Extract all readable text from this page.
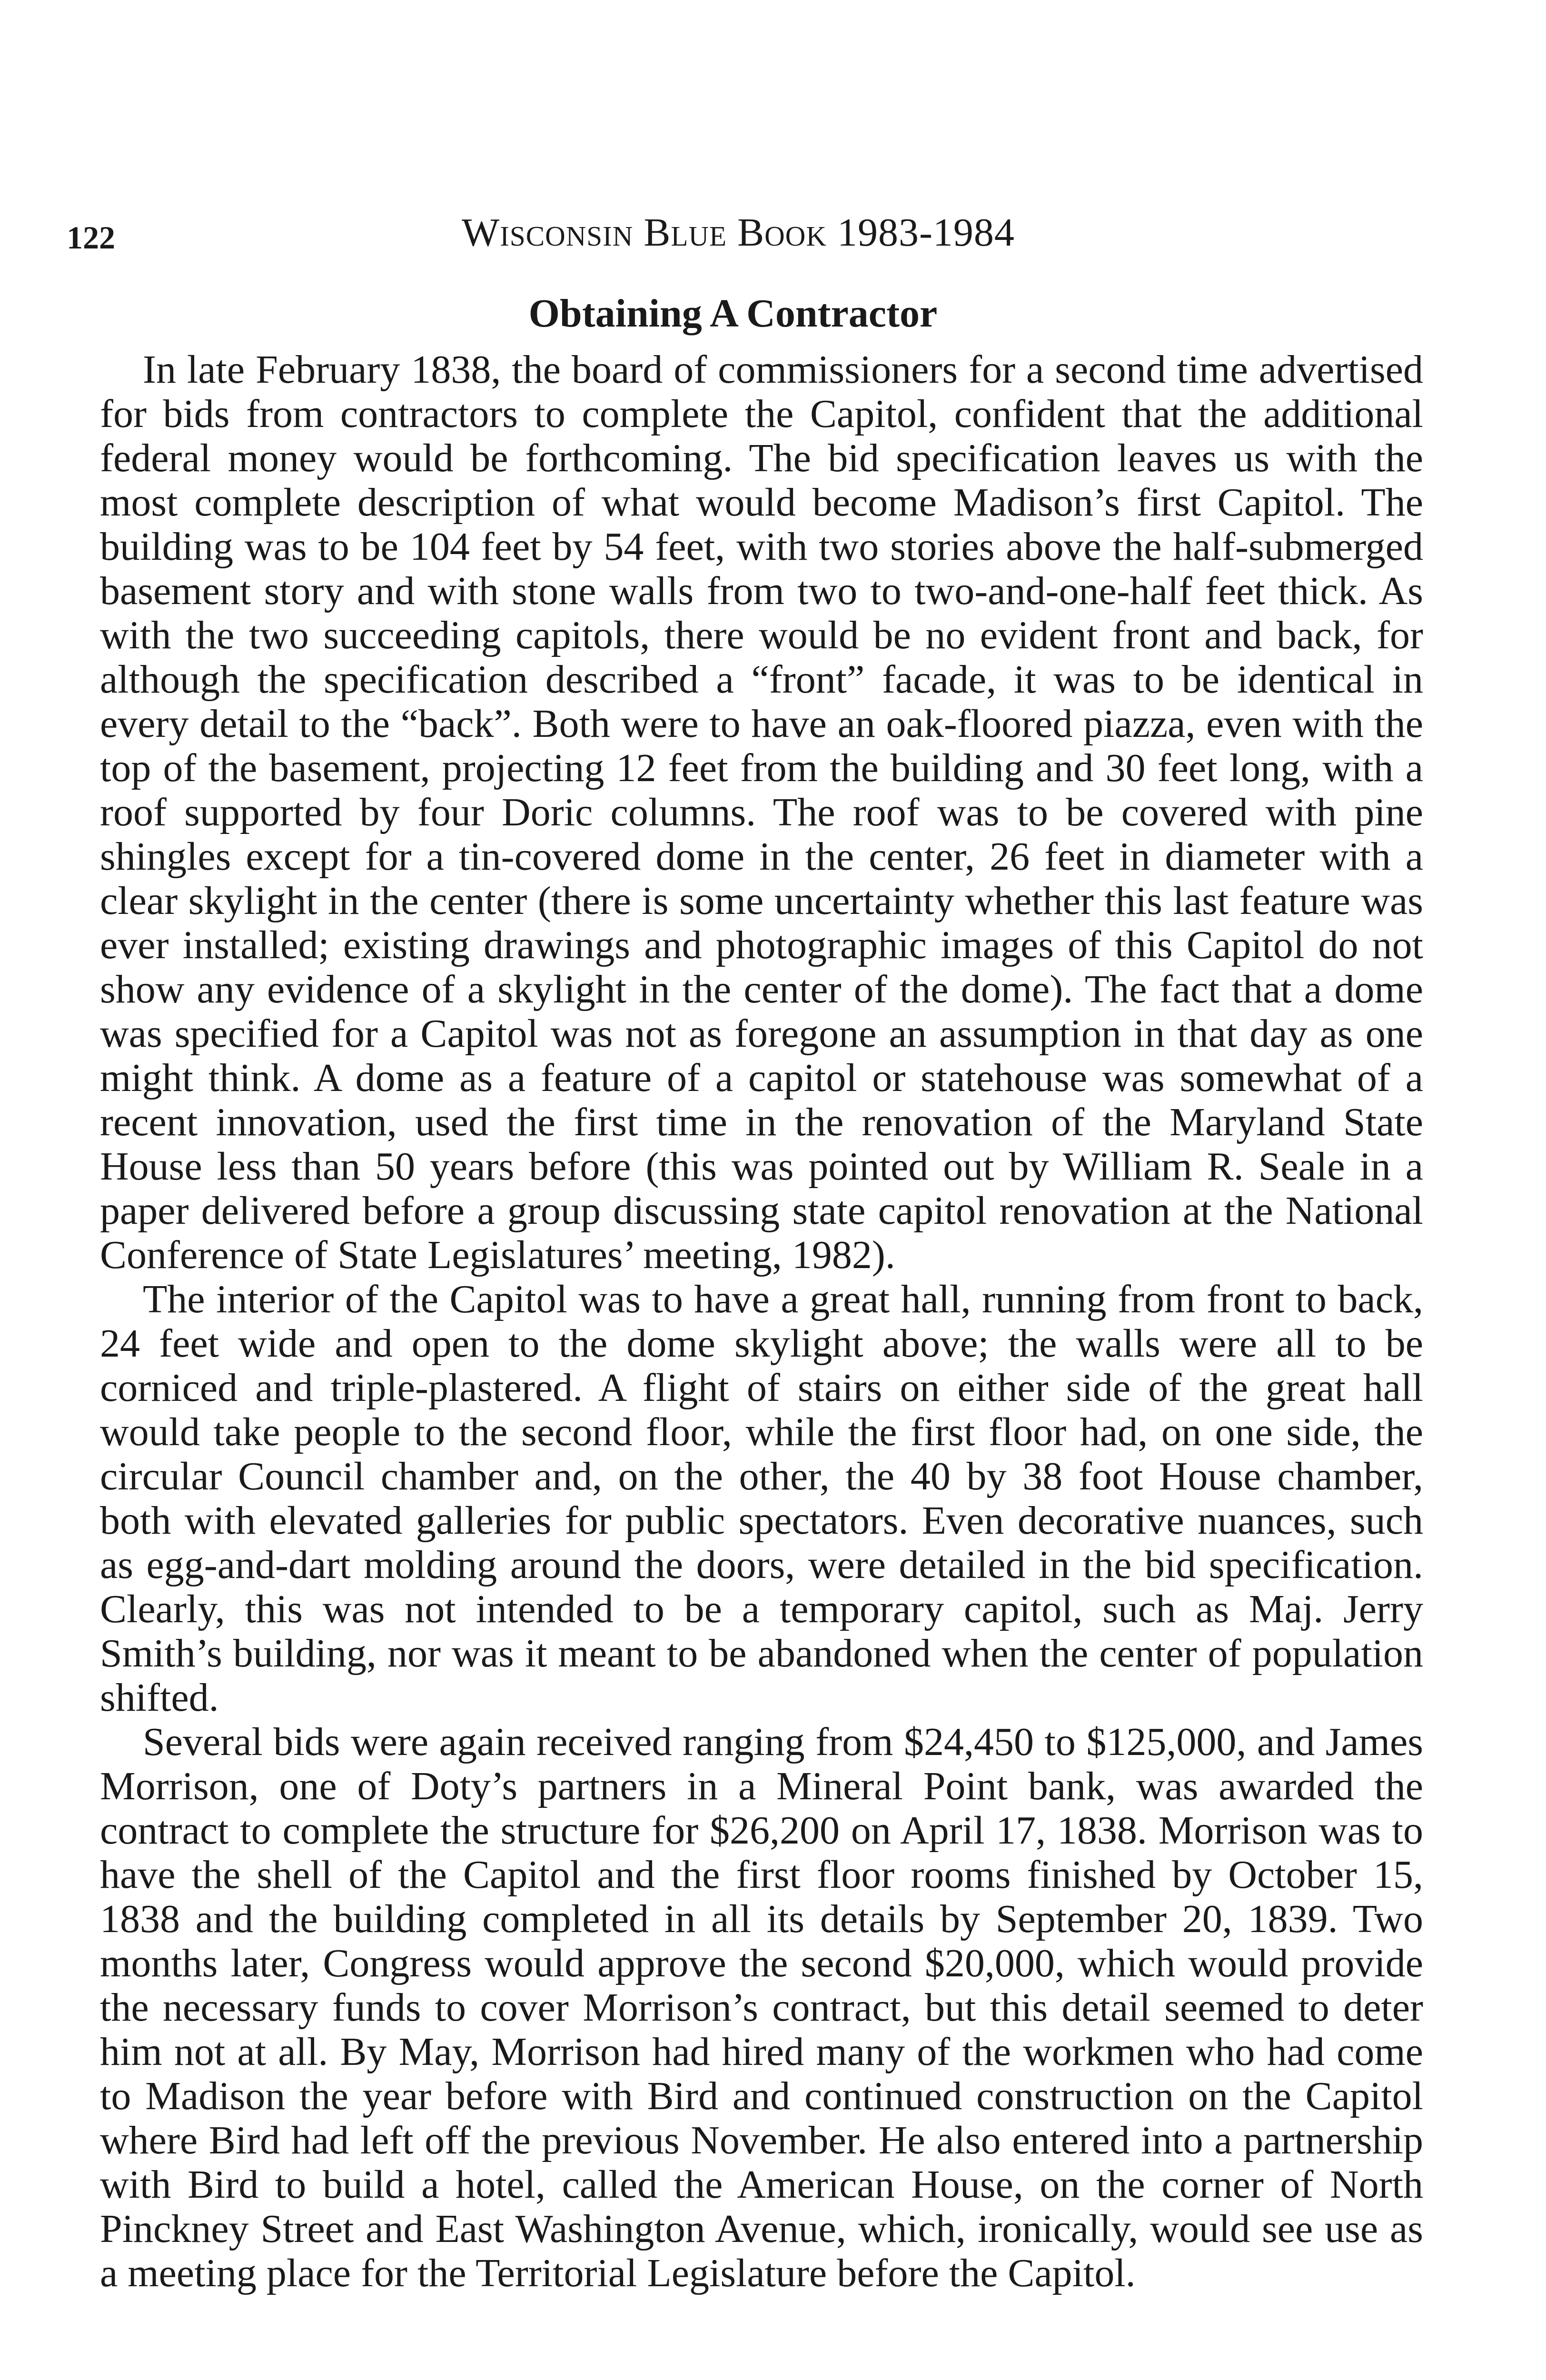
122	Wisconsin Blue Book 1983-1984
Obtaining A Contractor

In late February 1838, the board of commissioners for a second time advertised for bids from contractors to complete the Capitol, confident that the additional federal money would be forthcoming. The bid specification leaves us with the most complete description of what would become Madison’s first Capitol. The building was to be 104 feet by 54 feet, with two stories above the half-submerged basement story and with stone walls from two to two-and-one-half feet thick. As with the two succeeding capitols, there would be no evident front and back, for although the specification described a “front” facade, it was to be identical in every detail to the “back”. Both were to have an oak-floored piazza, even with the top of the basement, projecting 12 feet from the building and 30 feet long, with a roof supported by four Doric columns. The roof was to be covered with pine shingles except for a tin-covered dome in the center, 26 feet in diameter with a clear skylight in the center (there is some uncertainty whether this last feature was ever installed; existing drawings and photographic images of this Capitol do not show any evidence of a skylight in the center of the dome). The fact that a dome was specified for a Capitol was not as foregone an assumption in that day as one might think. A dome as a feature of a capitol or statehouse was somewhat of a recent innovation, used the first time in the renovation of the Maryland State House less than 50 years before (this was pointed out by William R. Seale in a paper delivered before a group discussing state capitol renovation at the National Conference of State Legislatures’ meeting, 1982).

The interior of the Capitol was to have a great hall, running from front to back, 24 feet wide and open to the dome skylight above; the walls were all to be corniced and triple-plastered. A flight of stairs on either side of the great hall would take people to the second floor, while the first floor had, on one side, the circular Council chamber and, on the other, the 40 by 38 foot House chamber, both with elevated galleries for public spectators. Even decorative nuances, such as egg-and-dart molding around the doors, were detailed in the bid specification. Clearly, this was not intended to be a temporary capitol, such as Maj. Jerry Smith’s building, nor was it meant to be abandoned when the center of population shifted.

Several bids were again received ranging from $24,450 to $125,000, and James Morrison, one of Doty’s partners in a Mineral Point bank, was awarded the contract to complete the structure for $26,200 on April 17, 1838. Morrison was to have the shell of the Capitol and the first floor rooms finished by October 15, 1838 and the building completed in all its details by September 20, 1839. Two months later, Congress would approve the second $20,000, which would provide the necessary funds to cover Morrison’s contract, but this detail seemed to deter him not at all. By May, Morrison had hired many of the workmen who had come to Madison the year before with Bird and continued construction on the Capitol where Bird had left off the previous November. He also entered into a partnership with Bird to build a hotel, called the American House, on the corner of North Pinckney Street and East Washington Avenue, which, ironically, would see use as a meeting place for the Territorial Legislature before the Capitol.
